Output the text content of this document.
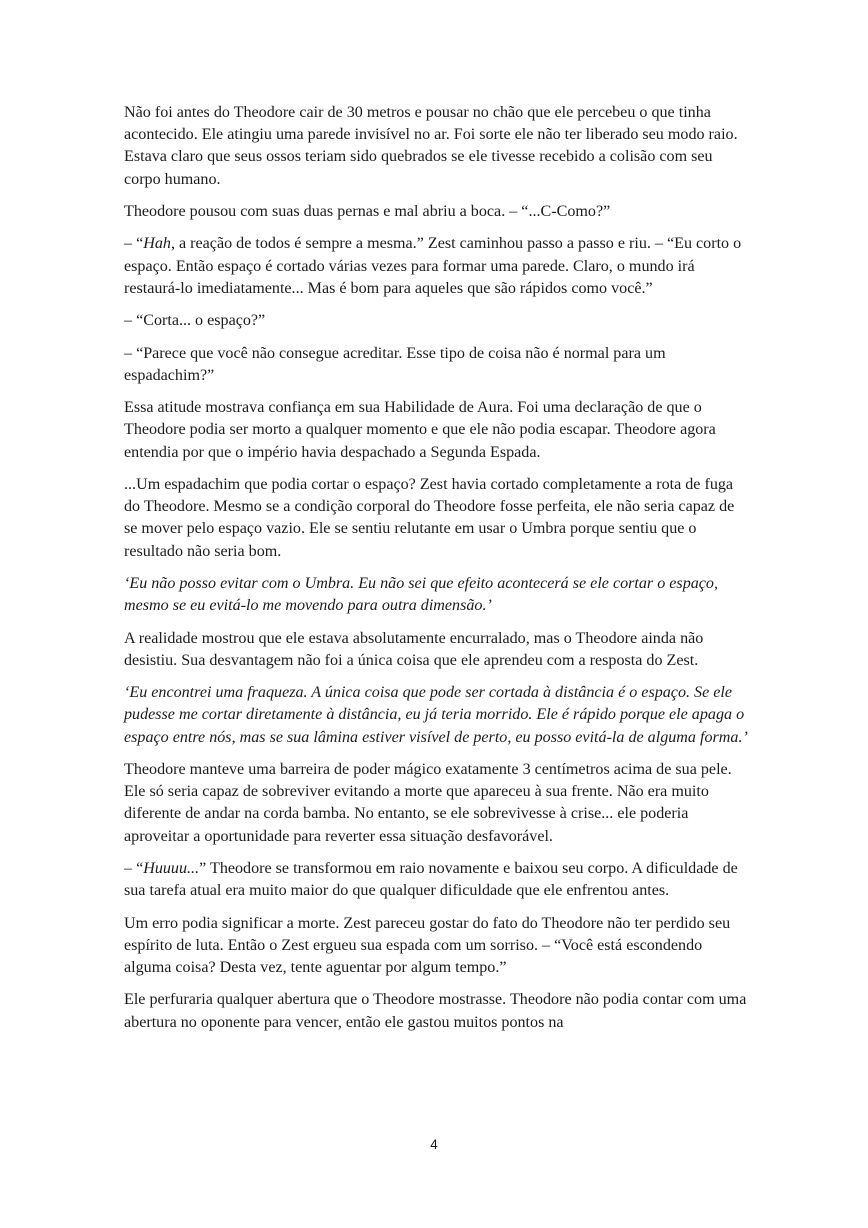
Não foi antes do Theodore cair de 30 metros e pousar no chão que ele percebeu o que tinha acontecido. Ele atingiu uma parede invisível no ar. Foi sorte ele não ter liberado seu modo raio. Estava claro que seus ossos teriam sido quebrados se ele tivesse recebido a colisão com seu corpo humano.

Theodore pousou com suas duas pernas e mal abriu a boca. – “...C-Como?”

– “Hah, a reação de todos é sempre a mesma.” Zest caminhou passo a passo e riu. – “Eu corto o espaço. Então espaço é cortado várias vezes para formar uma parede. Claro, o mundo irá restaurá-lo imediatamente... Mas é bom para aqueles que são rápidos como você.”

– “Corta... o espaço?”

– “Parece que você não consegue acreditar. Esse tipo de coisa não é normal para um espadachim?”

Essa atitude mostrava confiança em sua Habilidade de Aura. Foi uma declaração de que o Theodore podia ser morto a qualquer momento e que ele não podia escapar. Theodore agora entendia por que o império havia despachado a Segunda Espada.

...Um espadachim que podia cortar o espaço? Zest havia cortado completamente a rota de fuga do Theodore. Mesmo se a condição corporal do Theodore fosse perfeita, ele não seria capaz de se mover pelo espaço vazio. Ele se sentiu relutante em usar o Umbra porque sentiu que o resultado não seria bom.

‘Eu não posso evitar com o Umbra. Eu não sei que efeito acontecerá se ele cortar o espaço, mesmo se eu evitá-lo me movendo para outra dimensão.’

A realidade mostrou que ele estava absolutamente encurralado, mas o Theodore ainda não desistiu. Sua desvantagem não foi a única coisa que ele aprendeu com a resposta do Zest.

‘Eu encontrei uma fraqueza. A única coisa que pode ser cortada à distância é o espaço. Se ele pudesse me cortar diretamente à distância, eu já teria morrido. Ele é rápido porque ele apaga o espaço entre nós, mas se sua lâmina estiver visível de perto, eu posso evitá-la de alguma forma.’

Theodore manteve uma barreira de poder mágico exatamente 3 centímetros acima de sua pele. Ele só seria capaz de sobreviver evitando a morte que apareceu à sua frente. Não era muito diferente de andar na corda bamba. No entanto, se ele sobrevivesse à crise... ele poderia aproveitar a oportunidade para reverter essa situação desfavorável.

– “Huuuu...” Theodore se transformou em raio novamente e baixou seu corpo. A dificuldade de sua tarefa atual era muito maior do que qualquer dificuldade que ele enfrentou antes.

Um erro podia significar a morte. Zest pareceu gostar do fato do Theodore não ter perdido seu espírito de luta. Então o Zest ergueu sua espada com um sorriso. – “Você está escondendo alguma coisa? Desta vez, tente aguentar por algum tempo.”

Ele perfuraria qualquer abertura que o Theodore mostrasse. Theodore não podia contar com uma abertura no oponente para vencer, então ele gastou muitos pontos na

4
